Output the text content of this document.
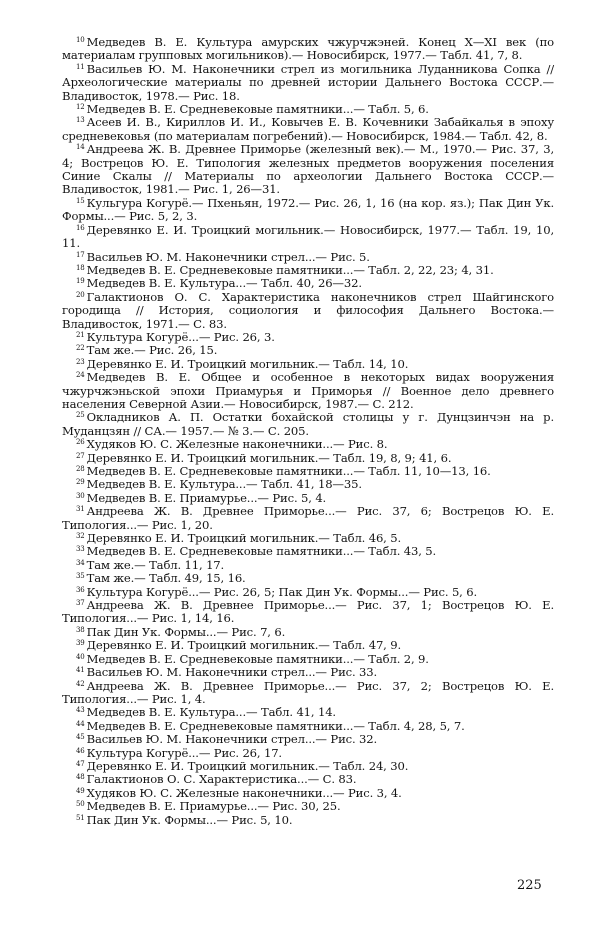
$^{10}$ Медведев В. Е. Культура амурских чжурчжэней. Конец X—XI век (по материалам групповых могильников).— Новосибирск, 1977.— Табл. 41, 7, 8.

$^{11}$ Васильев Ю. М. Наконечники стрел из могильника Луданникова Сопка // Археологические материалы по древней истории Дальнего Востока СССР.— Владивосток, 1978.— Рис. 18.

$^{12}$ Медведев В. Е. Средневековые памятники...— Табл. 5, 6.

$^{13}$ Асеев И. В., Кириллов И. И., Ковычев Е. В. Кочевники Забайкалья в эпоху средневековья (по материалам погребений).— Новосибирск, 1984.— Табл. 42, 8.

$^{14}$ Андреева Ж. В. Древнее Приморье (железный век).— М., 1970.— Рис. 37, 3, 4; Вострецов Ю. Е. Типология железных предметов вооружения поселения Синие Скалы // Материалы по археологии Дальнего Востока СССР.— Владивосток, 1981.— Рис. 1, 26—31.

$^{15}$ Кульгура Когурё.— Пхеньян, 1972.— Рис. 26, 1, 16 (на кор. яз.); Пак Дин Ук. Формы...— Рис. 5, 2, 3.

$^{16}$ Деревянко Е. И. Троицкий могильник.— Новосибирск, 1977.— Табл. 19, 10, 11.

$^{17}$ Васильев Ю. М. Наконечники стрел...— Рис. 5.

$^{18}$ Медведев В. Е. Средневековые памятники...— Табл. 2, 22, 23; 4, 31.

$^{19}$ Медведев В. Е. Культура...— Табл. 40, 26—32.

$^{20}$ Галактионов О. С. Характеристика наконечников стрел Шайгинского городища // История, социология и философия Дальнего Востока.— Владивосток, 1971.— С. 83.

$^{21}$ Культура Когурё...— Рис. 26, 3.

$^{22}$ Там же.— Рис. 26, 15.

$^{23}$ Деревянко Е. И. Троицкий могильник.— Табл. 14, 10.

$^{24}$ Медведев В. Е. Общее и особенное в некоторых видах вооружения чжурчжэньской эпохи Приамурья и Приморья // Военное дело древнего населения Северной Азии.— Новосибирск, 1987.— С. 212.

$^{25}$ Окладников А. П. Остатки бохайской столицы у г. Дунцзинчэн на р. Муданцзян // СА.— 1957.— № 3.— С. 205.

$^{26}$ Худяков Ю. С. Железные наконечники...— Рис. 8.

$^{27}$ Деревянко Е. И. Троицкий могильник.— Табл. 19, 8, 9; 41, 6.

$^{28}$ Медведев В. Е. Средневековые памятники...— Табл. 11, 10—13, 16.

$^{29}$ Медведев В. Е. Культура...— Табл. 41, 18—35.

$^{30}$ Медведев В. Е. Приамурье...— Рис. 5, 4.

$^{31}$ Андреева Ж. В. Древнее Приморье...— Рис. 37, 6; Вострецов Ю. Е. Типология...— Рис. 1, 20.

$^{32}$ Деревянко Е. И. Троицкий могильник.— Табл. 46, 5.

$^{33}$ Медведев В. Е. Средневековые памятники...— Табл. 43, 5.

$^{34}$ Там же.— Табл. 11, 17.

$^{35}$ Там же.— Табл. 49, 15, 16.

$^{36}$ Культура Когурё...— Рис. 26, 5; Пак Дин Ук. Формы...— Рис. 5, 6.

$^{37}$ Андреева Ж. В. Древнее Приморье...— Рис. 37, 1; Вострецов Ю. Е. Типология...— Рис. 1, 14, 16.

$^{38}$ Пак Дин Ук. Формы...— Рис. 7, 6.

$^{39}$ Деревянко Е. И. Троицкий могильник.— Табл. 47, 9.

$^{40}$ Медведев В. Е. Средневековые памятники...— Табл. 2, 9.

$^{41}$ Васильев Ю. М. Наконечники стрел...— Рис. 33.

$^{42}$ Андреева Ж. В. Древнее Приморье...— Рис. 37, 2; Вострецов Ю. Е. Типология...— Рис. 1, 4.

$^{43}$ Медведев В. Е. Культура...— Табл. 41, 14.

$^{44}$ Медведев В. Е. Средневековые памятники...— Табл. 4, 28, 5, 7.

$^{45}$ Васильев Ю. М. Наконечники стрел...— Рис. 32.

$^{46}$ Культура Когурё...— Рис. 26, 17.

$^{47}$ Деревянко Е. И. Троицкий могильник.— Табл. 24, 30.

$^{48}$ Галактионов О. С. Характеристика...— С. 83.

$^{49}$ Худяков Ю. С. Железные наконечники...— Рис. 3, 4.

$^{50}$ Медведев В. Е. Приамурье...— Рис. 30, 25.

$^{51}$ Пак Дин Ук. Формы...— Рис. 5, 10.

225
